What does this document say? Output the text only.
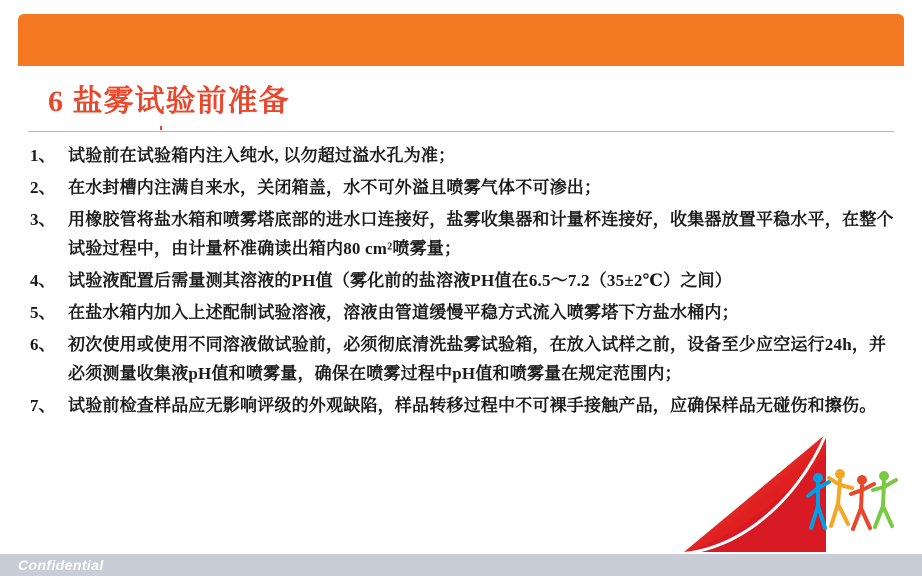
6 盐雾试验前准备
1、 试验前在试验箱内注入纯水, 以勿超过溢水孔为准；
2、 在水封槽内注满自来水，关闭箱盖，水不可外溢且喷雾气体不可渗出；
3、 用橡胶管将盐水箱和喷雾塔底部的进水口连接好，盐雾收集器和计量杯连接好，收集器放置平稳水平，在整个试验过程中，由计量杯准确读出箱内80 cm²喷雾量；
4、 试验液配置后需量测其溶液的PH值（雾化前的盐溶液PH值在6.5～7.2（35±2℃）之间）
5、 在盐水箱内加入上述配制试验溶液，溶液由管道缓慢平稳方式流入喷雾塔下方盐水桶内；
6、 初次使用或使用不同溶液做试验前，必须彻底清洗盐雾试验箱，在放入试样之前，设备至少应空运行24h，并必须测量收集液pH值和喷雾量，确保在喷雾过程中pH值和喷雾量在规定范围内；
7、 试验前检查样品应无影响评级的外观缺陷，样品转移过程中不可裸手接触产品，应确保样品无碰伤和擦伤。
Confidential
